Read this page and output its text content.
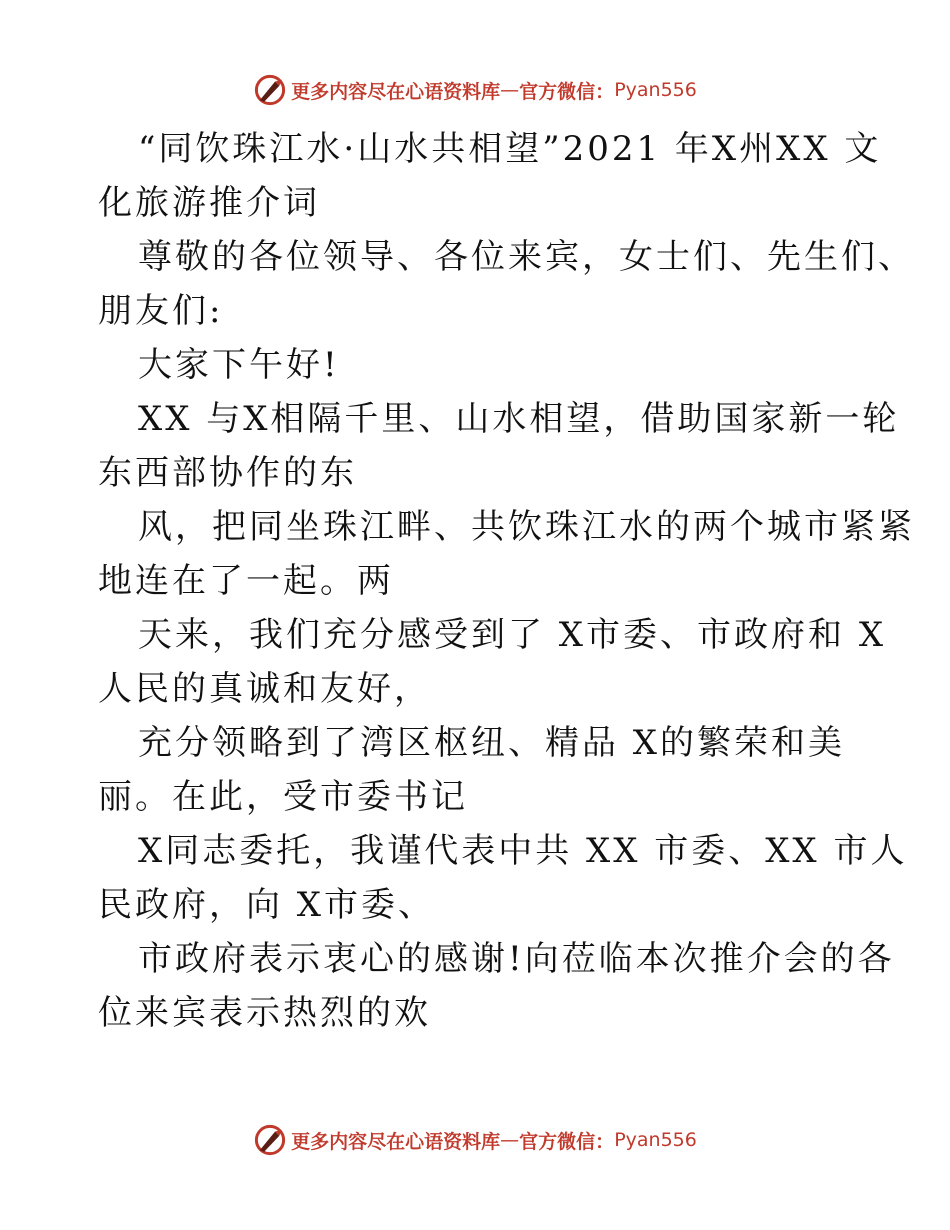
更多内容尽在心语资料库 — 官方微信： Pyan556
“同饮珠江水·山水共相望”2021 年X州XX 文
化旅游推介词
尊敬的各位领导、各位来宾，女士们、先生们、
朋友们:
大家下午好!
XX 与X相隔千里、山水相望，借助国家新一轮
东西部协作的东
风，把同坐珠江畔、共饮珠江水的两个城市紧紧
地连在了一起。两
天来，我们充分感受到了 X市委、市政府和 X
人民的真诚和友好，
充分领略到了湾区枢纽、精品 X的繁荣和美
丽。在此，受市委书记
X同志委托，我谨代表中共 XX 市委、XX 市人
民政府，向 X市委、
市政府表示衷心的感谢!向莅临本次推介会的各
位来宾表示热烈的欢
更多内容尽在心语资料库 — 官方微信： Pyan556
